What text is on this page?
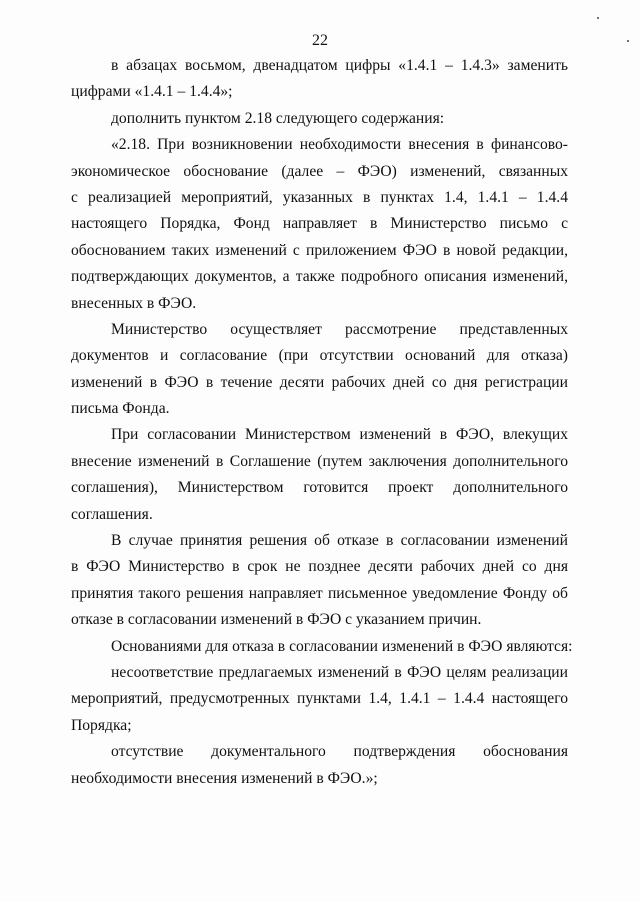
22
в абзацах восьмом, двенадцатом цифры «1.4.1 – 1.4.3» заменить
цифрами «1.4.1 – 1.4.4»;
дополнить пунктом 2.18 следующего содержания:
«2.18. При возникновении необходимости внесения в финансово-
экономическое обоснование (далее – ФЭО) изменений, связанных
с реализацией мероприятий, указанных в пунктах 1.4, 1.4.1 – 1.4.4
настоящего Порядка, Фонд направляет в Министерство письмо с
обоснованием таких изменений с приложением ФЭО в новой редакции,
подтверждающих документов, а также подробного описания изменений,
внесенных в ФЭО.
Министерство осуществляет рассмотрение представленных
документов и согласование (при отсутствии оснований для отказа)
изменений в ФЭО в течение десяти рабочих дней со дня регистрации
письма Фонда.
При согласовании Министерством изменений в ФЭО, влекущих
внесение изменений в Соглашение (путем заключения дополнительного
соглашения), Министерством готовится проект дополнительного
соглашения.
В случае принятия решения об отказе в согласовании изменений
в ФЭО Министерство в срок не позднее десяти рабочих дней со дня
принятия такого решения направляет письменное уведомление Фонду об
отказе в согласовании изменений в ФЭО с указанием причин.
Основаниями для отказа в согласовании изменений в ФЭО являются:
несоответствие предлагаемых изменений в ФЭО целям реализации
мероприятий, предусмотренных пунктами 1.4, 1.4.1 – 1.4.4 настоящего
Порядка;
отсутствие документального подтверждения обоснования
необходимости внесения изменений в ФЭО.»;
